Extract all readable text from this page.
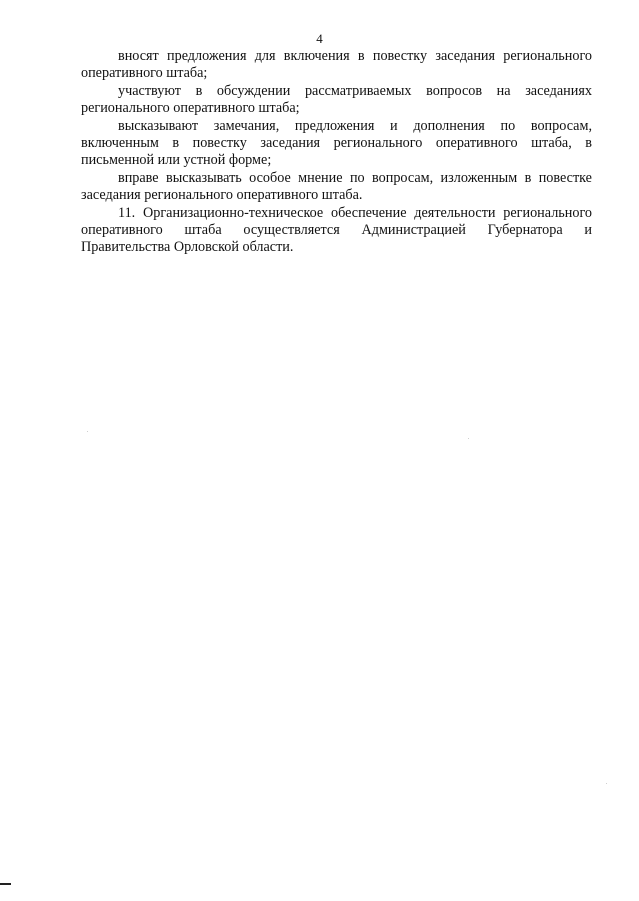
4

вносят предложения для включения в повестку заседания регионального оперативного штаба;

участвуют в обсуждении рассматриваемых вопросов на заседаниях регионального оперативного штаба;

высказывают замечания, предложения и дополнения по вопросам, включенным в повестку заседания регионального оперативного штаба, в письменной или устной форме;

вправе высказывать особое мнение по вопросам, изложенным в повестке заседания регионального оперативного штаба.

11. Организационно-техническое обеспечение деятельности регионального оперативного штаба осуществляется Администрацией Губернатора и Правительства Орловской области.
